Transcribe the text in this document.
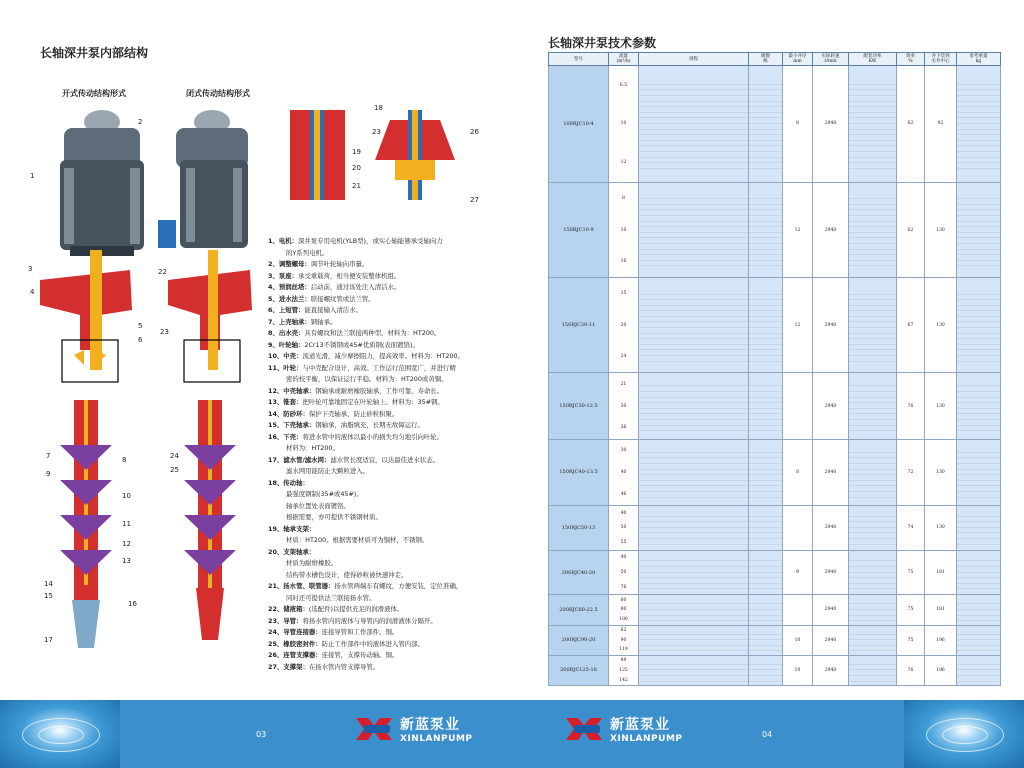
长轴深井泵内部结构
开式传动结构形式	闭式传动结构形式
2
1
3
4
5
6
7	8
9
10
11
12
13
14
15
16
17
22
23
24
25
18
19
20
21
23	26
27
1、电机：深井泵专用电机(YLB型)，或实心轴能够承受轴向力
的Y系列电机。
2、调整螺母：调节叶轮轴向串量。
3、泵座：承受重载荷，相当便安装整体机组。
4、预润丝塔：启动前，通过该处注入清洁水。
5、进水法兰：联接螺纹管或法兰管。
6、上短管：能直接输入清洁水。
7、上壳轴承：钢轴承。
8、出水壳：具有螺纹和法兰联接两种型。材料为：HT200。
9、叶轮轴：2Cr13不锈钢或45#优质钢(表面镀铬)。
10、中壳：流道光滑，减少摩擦阻力，提高效率。材料为：HT200。
11、叶轮：与中壳配合设计，高效。工作运行范围宽广，并进行精
密的校平衡，以保证运行平稳。材料为：HT200或黄铜。
12、中壳轴承：钢轴承或耐磨橡胶轴承，工作可靠，寿命长。
13、锥套：把叶轮可靠地固定在叶轮轴上。材料为：35#钢。
14、防砂环：保护下壳轴承，防止砂粒积聚。
15、下壳轴承：钢轴承，油脂填充，长期无故障运行。
16、下壳：将进水管中的液体以最小的损失均匀地引向叶轮。
材料为：HT200。
17、滤水管/滤水网：滤水管长度适宜，以达最佳进水状态。
滤水网用能防止大颗粒进入。
18、传动轴：
最强度钢制(35#或45#)。
轴承位置处表面镀铬。
根据需要，亦可提供不锈钢材质。
19、轴承支架：
材质：HT200。根据需要材质可为铜材，不锈钢。
20、支架轴承：
材质为耐磨橡胶。
结构带水槽色设计，使得砂粒被快速冲走。
21、扬水管、联管器：扬水管两端车有螺纹，方便安装，定位准确，
同时还可提供法兰联接扬水管。
22、储液箱：(选配件)以提供充足的润滑液体。
23、导管：将扬水管内的液体与导管内的润滑液体分隔开。
24、导管连接器：连接导管和工作部件。铜。
25、橡胶密封件：防止工作部件中的液体进入管内部。
26、连管支撑器：连接管，支撑传动轴。铜。
27、支撑架：在扬水管内管支撑导管。
长轴深井泵技术参数
型号	流量
(m³/h)	扬程	级数
级	最小井径
mm	实际转速
r/min	配套功率
KW	效率
%	井下装到
水井中心	参考重量
kg
100RJC10-4	6.5
10
12			8	2940		62	92	

150RJC10-9	8
10
16			12	2940		62	130	

150RJC20-11	15
20
24			12	2940		67	130	

150RJC30-12.5	21
30
36				2940		76	130	

150RJC40-13.5	30
40
46			8	2940		72	130	

150RJC50-13	40
50
55				2940		74	130	

200RJC40-20	40
50
76			9	2940		75	181	

200RJC60-22.5	60
80
100				2940		75	181	

200RJC90-20	62
90
119			10	2940		75	196	

200RJC125-18	89
125
142			10	2940		76	196	

03	04
新蓝泵业
XINLANPUMP
新蓝泵业
XINLANPUMP
